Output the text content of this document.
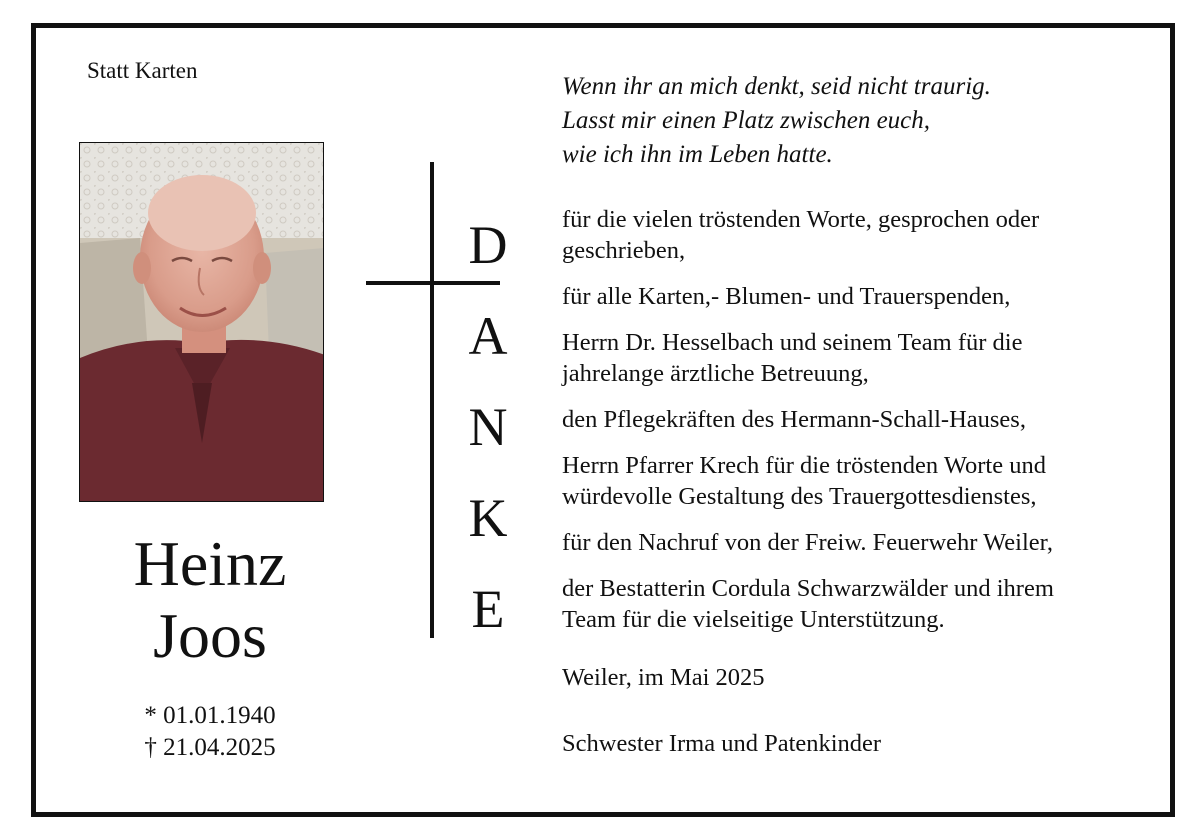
Statt Karten
Heinz
Joos
* 01.01.1940
† 21.04.2025
D
A
N
K
E
Wenn ihr an mich denkt, seid nicht traurig.
Lasst mir einen Platz zwischen euch,
wie ich ihn im Leben hatte.
für die vielen tröstenden Worte, gesprochen oder
geschrieben,
für alle Karten,- Blumen- und Trauerspenden,
Herrn Dr. Hesselbach und seinem Team für die
jahrelange ärztliche Betreuung,
den Pflegekräften des Hermann-Schall-Hauses,
Herrn Pfarrer Krech für die tröstenden Worte und
würdevolle Gestaltung des Trauergottesdienstes,
für den Nachruf von der Freiw. Feuerwehr Weiler,
der Bestatterin Cordula Schwarzwälder und ihrem
Team für die vielseitige Unterstützung.
Weiler, im Mai 2025
Schwester Irma und Patenkinder
